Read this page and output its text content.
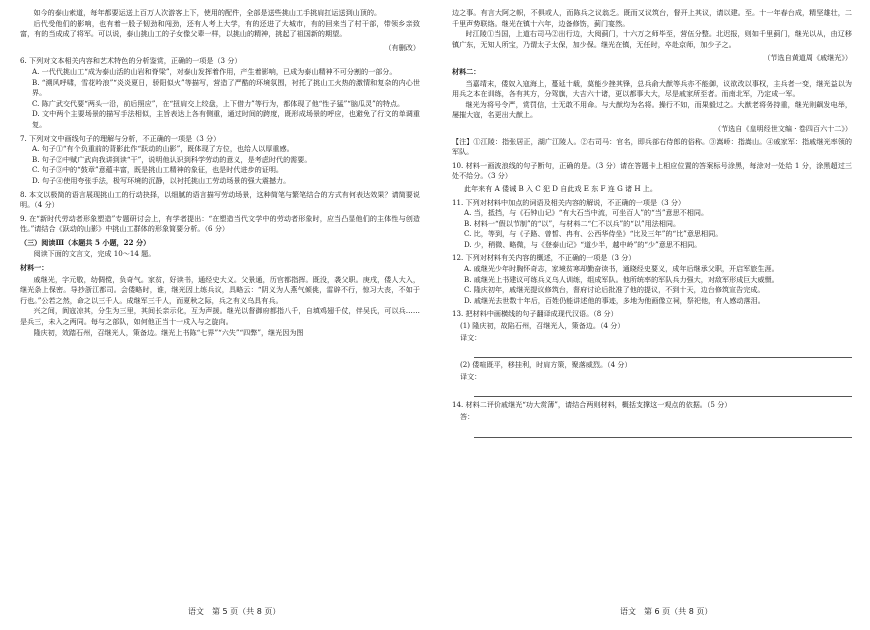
如今的泰山索道，每年都要运送上百万人次游客上下，使用的配件，全部是送些挑山工手挑肩扛运送到山顶的。

后代受他们的影响，也有着一股子韧劲和闯劲，还有人考上大学，有的还进了大城市，有的回来当了村干部，带领乡亲致富，有的当成成了将军。可以说，泰山挑山工的子女像父辈一样，以挑山的精神，挑起了祖国新的期望。

（有删改）
6. 下列对文本相关内容和艺术特色的分析鉴赏，正确的一项是（3 分）
A. 一代代挑山工“成为泰山活的山岩和脊梁”，对泰山发挥着作用，产生着影响，已成为泰山精神不可分割的一部分。
B. “溯风呼啸，雪花吟浪”“炎炎夏日，骄阳似火”等描写，营造了严酷的环境氛围，衬托了挑山工火热的激情和复杂的内心世界。
C. 陈广武交代要“两头一沿，前后照应”，在“扭肩交上绞盘，上下借力”等行为，都体现了他“性子猛”“脑瓜灵”的特点。
D. 文中两个主要场景的描写手法相似，主旨表达上各有侧重，通过时间的跨度，既形成场景的呼应，也避免了行文的单调重复。
7. 下列对文中画线句子的理解与分析，不正确的一项是（3 分）
A. 句子①“有个负重前的背影此作“跃动的山影”，既体现了方位，也给人以厚重感。
B. 句子②中赋广武向我讲到读“干”，说明他认识到科学劳动的意义，是考虑时代的需要。
C. 句子③中的“鼓章”意蕴丰富，既是挑山工精神的象征，也是时代进步的证明。
D. 句子④使用夸张手法，极写环境的沉静，以衬托挑山工劳动场景的强大震撼力。
8. 本文以极简的语言展现挑山工的行动抉择，以细腻的语言描写劳动场景，这种简笔与繁笔结合的方式有何表达效果？请简要说明。（4 分）
9. 在“新时代劳动者形象塑造”专题研讨会上，有学者提出：“在塑造当代文学中的劳动者形象时，应当凸显他们的主体性与创造性。”请结合《跃动的山影》中挑山工群体的形象简要分析。（6 分）
（三）阅读Ⅲ（本题共 5 小题，22 分）

阅读下面的文言文，完成 10～14 题。

材料一：

戚继光，字元敬，幼倜傥，负奇气。家贫，好读书，通经史大义。父景通，历官都指挥。既没，袭父职。庚戌，倭人大入，继光条上保密。导抄浙江都司。会倭略时，谁，继光因上练兵议，具略云：“阴义为人燕气倾佻，雷辟不行，惊习大丧，不如于行也。”公若之然，命之以三千人。成继军三千人，而夏秋之际，兵之有义乌具有兵。

兴之间，阆寇凉其，分生为三里，其间长亲示化，互为声援。继光以督御府都指八千，自填鸡翅千仗，伴吴氏，可以兵……是兵三，未入之两同。每与之部队，如何他正当十一戍入与之旋向。

隆庆初，效踏石州，召继光人，策备边。继光上书陈“七界”“六失”“四弊”，继光因为图

语文　第 5 页（共 8 页）

边之事。有言大阿之帜，不俱或人，而陈兵之议翁乏。既而又议筑台，督开上其议，请以建。至。十一年春台成，精坚雄壮，二千里声势联络。继光在镇十六年，边备修饬，蓟门宴然。

时江陵①当国，上道右司马②出行边，大阅蓟门，十六万之师毕至，营伍分整。北迟报，则如千里蓟门，继光以从，由辽移镇广东，无知人所宝，乃谓太子太保，加少保。继光在镇，无任时，卒赴京师，加少子之。

（节选自黄道周《戚继光》）
材料二：

当嘉靖末，倭奴入寇海上，蔓延十载，莫能少挫其锋，总兵俞大猷等兵亦不能御，议欲改以事权，主兵者一变，继光益以为用兵之本在训练，各有其方，分驾旗，大吉六十诸，更以都事大大，尽是戚家所至者。而南北军，乃定成一军。

继光为将号令严，赏罚信，士无敢不用命。与大猷均为名将。操行不如，而果毅过之。大猷老将务持重，继光则飙发电举，屡摧大寇，名更出大猷上。

（节选自《皇明经世文编 · 卷四百六十二》）

【注】①江陵：指张居正，湖广江陵人。②右司马：官名，即兵部右侍郎的俗称。③嵩峤：指嵩山。④戚家军：指戚继光率领的军队。

10. 材料一画波浪线的句子断句，正确的是。（3 分）请在答题卡上相应位置的答案标号涂黑，每涂对一处给 1 分，涂黑超过三处不给分。（3 分）
此年来有 A 倭诫 B 入 C 犯 D 自此戏 E 东 F 连 G 诸 H 上。
11. 下列对材料中加点的词语及相关内容的解说，不正确的一项是（3 分）
A. 当，抵挡，与《石钟山记》“有大石当中流，可坐百人”的“当”意思不相同。
B. 材料一“假以节制”的“以”，与材料二“仁不以兵”的“以”用法相同。
C. 比，等到，与《子路、曾皙、冉有、公西华侍坐》“比及三年”的“比”意思相同。
D. 少，稍微、略微，与《登泰山记》“道少半，越中岭”的“少”意思不相同。
12. 下列对材料有关内容的概述，不正确的一项是（3 分）
A. 戚继光少年时胸怀奇志，家境贫寒却勤奋读书，通晓经史要义，成年后继承父职，开启军旅生涯。
B. 戚继光上书建议可练兵义乌人训练，组成军队。他所统率的军队兵力强大，对敌军形成巨大威慑。
C. 隆庆初年，戚继光提议修筑台，督府讨论后批准了他的提议，不到十天，边台修筑宣告完成。
D. 戚继光去世数十年后，百姓仍能讲述他的事迹，多地为他画像立祠，祭祀他，有人感动落泪。
13. 把材料中画横线的句子翻译成现代汉语。（8 分）
(1) 隆庆初，故陷石州，召继光人，策备边。（4 分）
译文：
(2) 倭喧既平，移挂利，时肩方策，聚落威烈。（4 分）
译文：
14. 材料二评价戚继光“功大赏薄”，请结合两则材料，概括支撑这一观点的依据。（5 分）
答：
语文　第 6 页（共 8 页）
